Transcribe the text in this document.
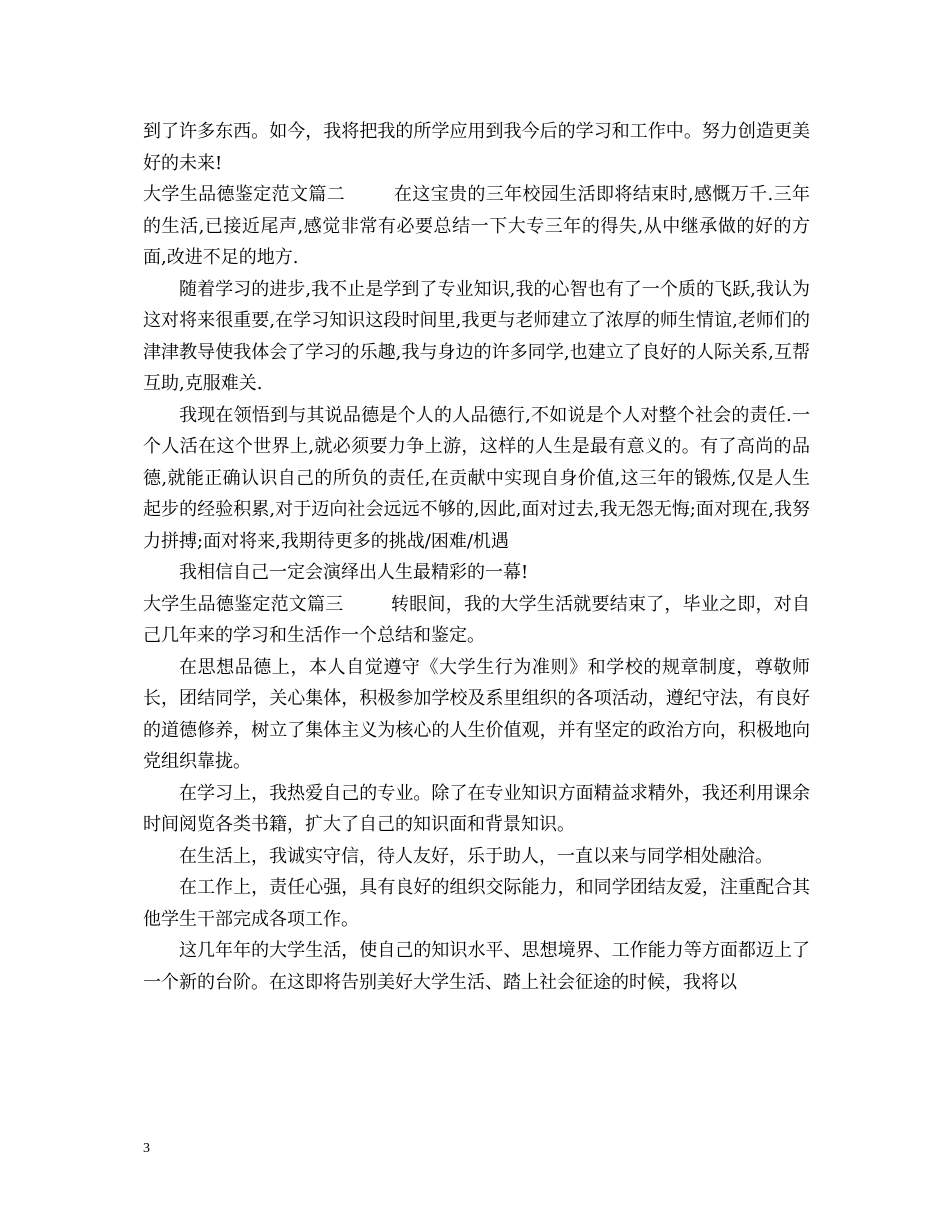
到了许多东西。如今，我将把我的所学应用到我今后的学习和工作中。努力创造更美好的未来!

大学生品德鉴定范文篇二        在这宝贵的三年校园生活即将结束时,感慨万千.三年的生活,已接近尾声,感觉非常有必要总结一下大专三年的得失,从中继承做的好的方面,改进不足的地方.

随着学习的进步,我不止是学到了专业知识,我的心智也有了一个质的飞跃,我认为这对将来很重要,在学习知识这段时间里,我更与老师建立了浓厚的师生情谊,老师们的津津教导使我体会了学习的乐趣,我与身边的许多同学,也建立了良好的人际关系,互帮互助,克服难关.

我现在领悟到与其说品德是个人的人品德行,不如说是个人对整个社会的责任.一个人活在这个世界上,就必须要力争上游，这样的人生是最有意义的。有了高尚的品德,就能正确认识自己的所负的责任,在贡献中实现自身价值,这三年的锻炼,仅是人生起步的经验积累,对于迈向社会远远不够的,因此,面对过去,我无怨无悔;面对现在,我努力拼搏;面对将来,我期待更多的挑战/困难/机遇

我相信自己一定会演绎出人生最精彩的一幕!

大学生品德鉴定范文篇三        转眼间，我的大学生活就要结束了，毕业之即，对自己几年来的学习和生活作一个总结和鉴定。

在思想品德上，本人自觉遵守《大学生行为准则》和学校的规章制度，尊敬师长，团结同学，关心集体，积极参加学校及系里组织的各项活动，遵纪守法，有良好的道德修养，树立了集体主义为核心的人生价值观，并有坚定的政治方向，积极地向党组织靠拢。

在学习上，我热爱自己的专业。除了在专业知识方面精益求精外，我还利用课余时间阅览各类书籍，扩大了自己的知识面和背景知识。

在生活上，我诚实守信，待人友好，乐于助人，一直以来与同学相处融洽。

在工作上，责任心强，具有良好的组织交际能力，和同学团结友爱，注重配合其他学生干部完成各项工作。

这几年年的大学生活，使自己的知识水平、思想境界、工作能力等方面都迈上了一个新的台阶。在这即将告别美好大学生活、踏上社会征途的时候，我将以

3
